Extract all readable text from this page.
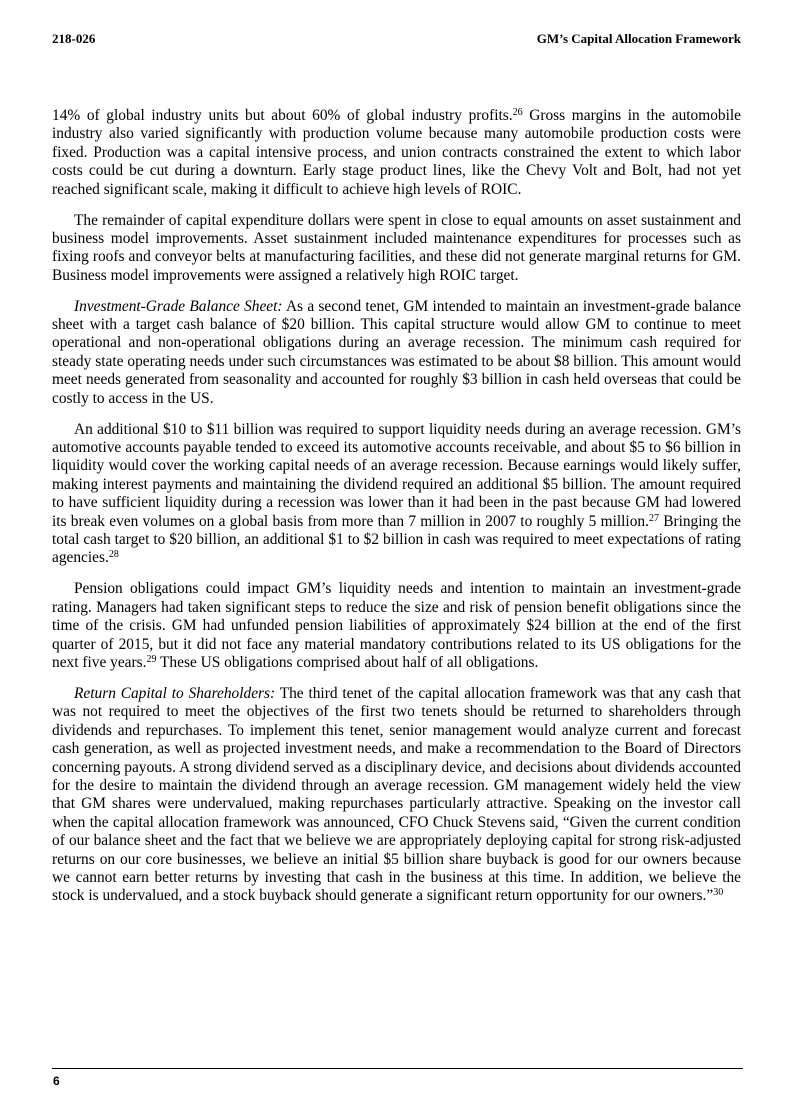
218-026	GM’s Capital Allocation Framework

14% of global industry units but about 60% of global industry profits.$^{26}$ Gross margins in the automobile industry also varied significantly with production volume because many automobile production costs were fixed. Production was a capital intensive process, and union contracts constrained the extent to which labor costs could be cut during a downturn. Early stage product lines, like the Chevy Volt and Bolt, had not yet reached significant scale, making it difficult to achieve high levels of ROIC.

The remainder of capital expenditure dollars were spent in close to equal amounts on asset sustainment and business model improvements. Asset sustainment included maintenance expenditures for processes such as fixing roofs and conveyor belts at manufacturing facilities, and these did not generate marginal returns for GM. Business model improvements were assigned a relatively high ROIC target.

Investment-Grade Balance Sheet: As a second tenet, GM intended to maintain an investment-grade balance sheet with a target cash balance of $20 billion. This capital structure would allow GM to continue to meet operational and non-operational obligations during an average recession. The minimum cash required for steady state operating needs under such circumstances was estimated to be about $8 billion. This amount would meet needs generated from seasonality and accounted for roughly $3 billion in cash held overseas that could be costly to access in the US.

An additional $10 to $11 billion was required to support liquidity needs during an average recession. GM’s automotive accounts payable tended to exceed its automotive accounts receivable, and about $5 to $6 billion in liquidity would cover the working capital needs of an average recession. Because earnings would likely suffer, making interest payments and maintaining the dividend required an additional $5 billion. The amount required to have sufficient liquidity during a recession was lower than it had been in the past because GM had lowered its break even volumes on a global basis from more than 7 million in 2007 to roughly 5 million.$^{27}$ Bringing the total cash target to $20 billion, an additional $1 to $2 billion in cash was required to meet expectations of rating agencies.$^{28}$

Pension obligations could impact GM’s liquidity needs and intention to maintain an investment-grade rating. Managers had taken significant steps to reduce the size and risk of pension benefit obligations since the time of the crisis. GM had unfunded pension liabilities of approximately $24 billion at the end of the first quarter of 2015, but it did not face any material mandatory contributions related to its US obligations for the next five years.$^{29}$ These US obligations comprised about half of all obligations.

Return Capital to Shareholders: The third tenet of the capital allocation framework was that any cash that was not required to meet the objectives of the first two tenets should be returned to shareholders through dividends and repurchases. To implement this tenet, senior management would analyze current and forecast cash generation, as well as projected investment needs, and make a recommendation to the Board of Directors concerning payouts. A strong dividend served as a disciplinary device, and decisions about dividends accounted for the desire to maintain the dividend through an average recession. GM management widely held the view that GM shares were undervalued, making repurchases particularly attractive. Speaking on the investor call when the capital allocation framework was announced, CFO Chuck Stevens said, “Given the current condition of our balance sheet and the fact that we believe we are appropriately deploying capital for strong risk-adjusted returns on our core businesses, we believe an initial $5 billion share buyback is good for our owners because we cannot earn better returns by investing that cash in the business at this time. In addition, we believe the stock is undervalued, and a stock buyback should generate a significant return opportunity for our owners.”$^{30}$

6
